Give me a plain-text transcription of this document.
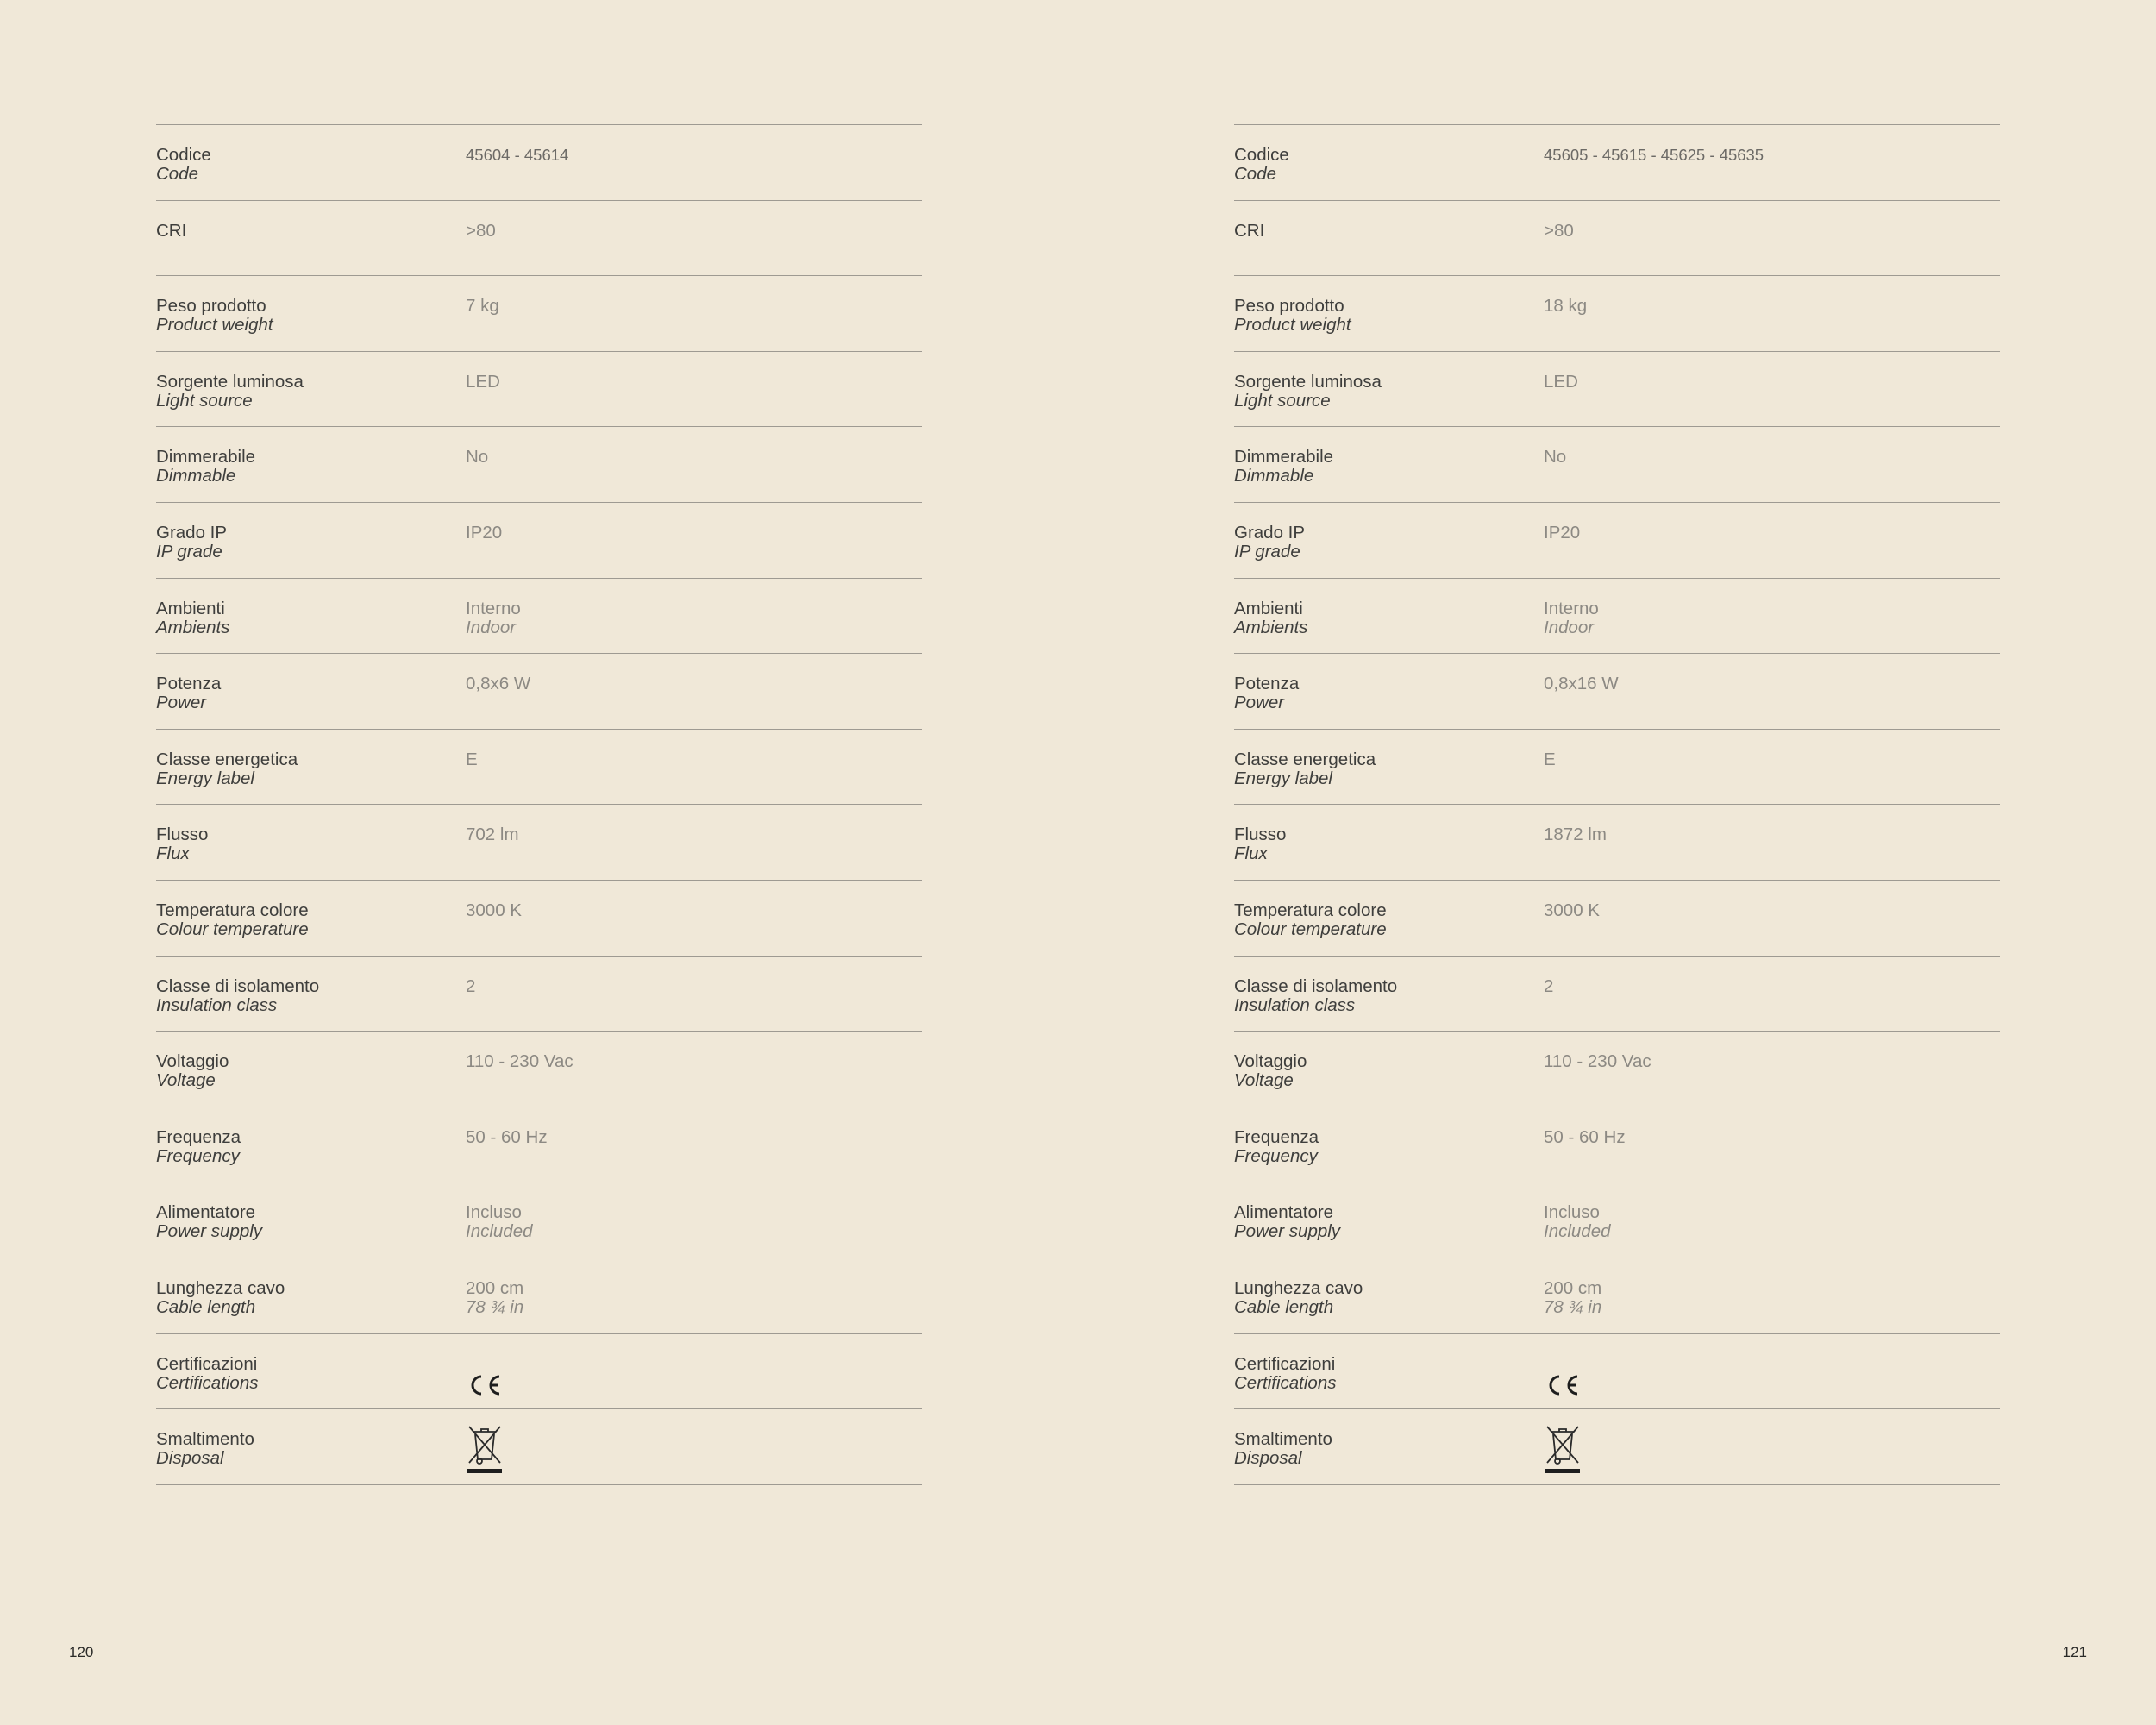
Codice
Code
45604 - 45614
CRI	>80
Peso prodotto
Product weight
7 kg
Sorgente luminosa
Light source
LED
Dimmerabile
Dimmable
No
Grado IP
IP grade
IP20
Ambienti
Ambients
Interno
Indoor
Potenza
Power
0,8x6 W
Classe energetica
Energy label
E
Flusso
Flux
702 lm
Temperatura colore
Colour temperature
3000 K
Classe di isolamento
Insulation class
2
Voltaggio
Voltage
110 - 230 Vac
Frequenza
Frequency
50 - 60 Hz
Alimentatore
Power supply
Incluso
Included
Lunghezza cavo
Cable length
200 cm
78 ¾ in
Certificazioni
Certifications
Smaltimento
Disposal
120
Codice
Code
45605 - 45615 - 45625 - 45635
CRI	>80
Peso prodotto
Product weight
18 kg
Sorgente luminosa
Light source
LED
Dimmerabile
Dimmable
No
Grado IP
IP grade
IP20
Ambienti
Ambients
Interno
Indoor
Potenza
Power
0,8x16 W
Classe energetica
Energy label
E
Flusso
Flux
1872 lm
Temperatura colore
Colour temperature
3000 K
Classe di isolamento
Insulation class
2
Voltaggio
Voltage
110 - 230 Vac
Frequenza
Frequency
50 - 60 Hz
Alimentatore
Power supply
Incluso
Included
Lunghezza cavo
Cable length
200 cm
78 ¾ in
Certificazioni
Certifications
Smaltimento
Disposal
121
